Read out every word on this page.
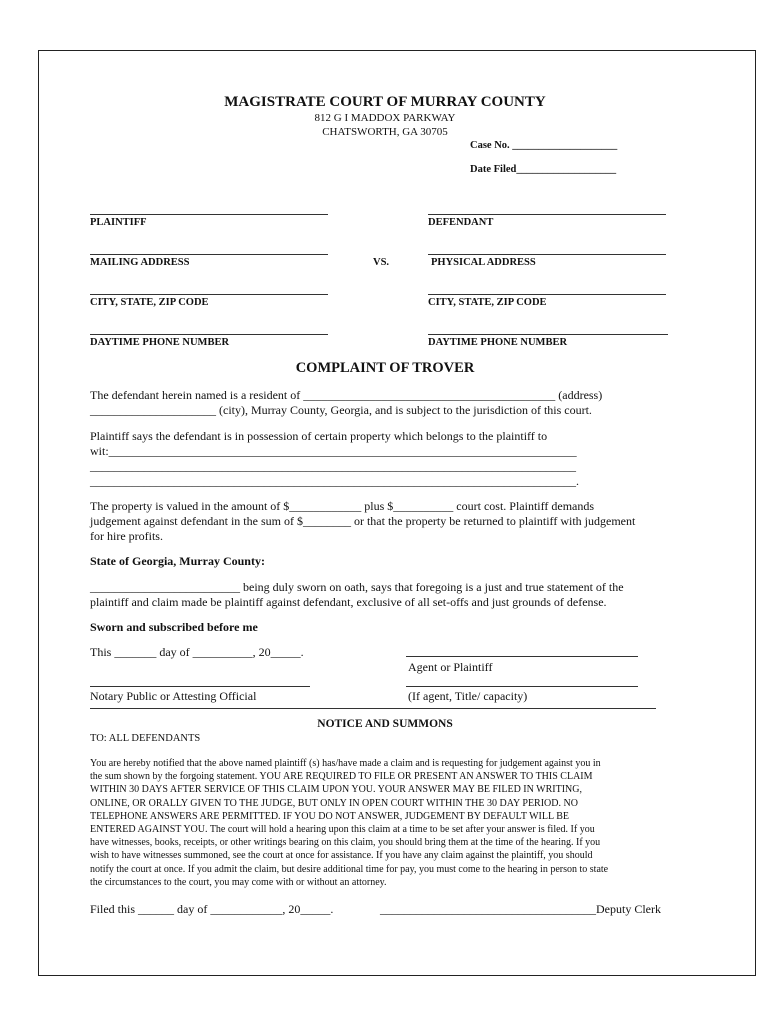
MAGISTRATE COURT OF MURRAY COUNTY
812 G I MADDOX PARKWAY
CHATSWORTH, GA 30705
Case No. ____________________
Date Filed___________________
PLAINTIFF	DEFENDANT
MAILING ADDRESS	VS.	PHYSICAL ADDRESS
CITY, STATE, ZIP CODE	CITY, STATE, ZIP CODE
DAYTIME PHONE NUMBER	DAYTIME PHONE NUMBER
COMPLAINT OF TROVER
The defendant herein named is a resident of __________________________________________ (address)
_____________________ (city), Murray County, Georgia, and is subject to the jurisdiction of this court.
Plaintiff says the defendant is in possession of certain property which belongs to the plaintiff to
wit:______________________________________________________________________________
_________________________________________________________________________________
_________________________________________________________________________________.
The property is valued in the amount of $____________ plus $__________ court cost. Plaintiff demands
judgement against defendant in the sum of $________ or that the property be returned to plaintiff with judgement
for hire profits.
State of Georgia, Murray County:
_________________________ being duly sworn on oath, says that foregoing is a just and true statement of the
plaintiff and claim made be plaintiff against defendant, exclusive of all set-offs and just grounds of defense.
Sworn and subscribed before me
This _______ day of __________, 20_____.
Agent or Plaintiff
Notary Public or Attesting Official	(If agent, Title/ capacity)
NOTICE AND SUMMONS
TO: ALL DEFENDANTS
You are hereby notified that the above named plaintiff (s) has/have made a claim and is requesting for judgement against you in
the sum shown by the forgoing statement. YOU ARE REQUIRED TO FILE OR PRESENT AN ANSWER TO THIS CLAIM
WITHIN 30 DAYS AFTER SERVICE OF THIS CLAIM UPON YOU. YOUR ANSWER MAY BE FILED IN WRITING,
ONLINE, OR ORALLY GIVEN TO THE JUDGE, BUT ONLY IN OPEN COURT WITHIN THE 30 DAY PERIOD. NO
TELEPHONE ANSWERS ARE PERMITTED. IF YOU DO NOT ANSWER, JUDGEMENT BY DEFAULT WILL BE
ENTERED AGAINST YOU. The court will hold a hearing upon this claim at a time to be set after your answer is filed. If you
have witnesses, books, receipts, or other writings bearing on this claim, you should bring them at the time of the hearing. If you
wish to have witnesses summoned, see the court at once for assistance. If you have any claim against the plaintiff, you should
notify the court at once. If you admit the claim, but desire additional time for pay, you must come to the hearing in person to state
the circumstances to the court, you may come with or without an attorney.
Filed this ______ day of ____________, 20_____.	____________________________________Deputy Clerk
